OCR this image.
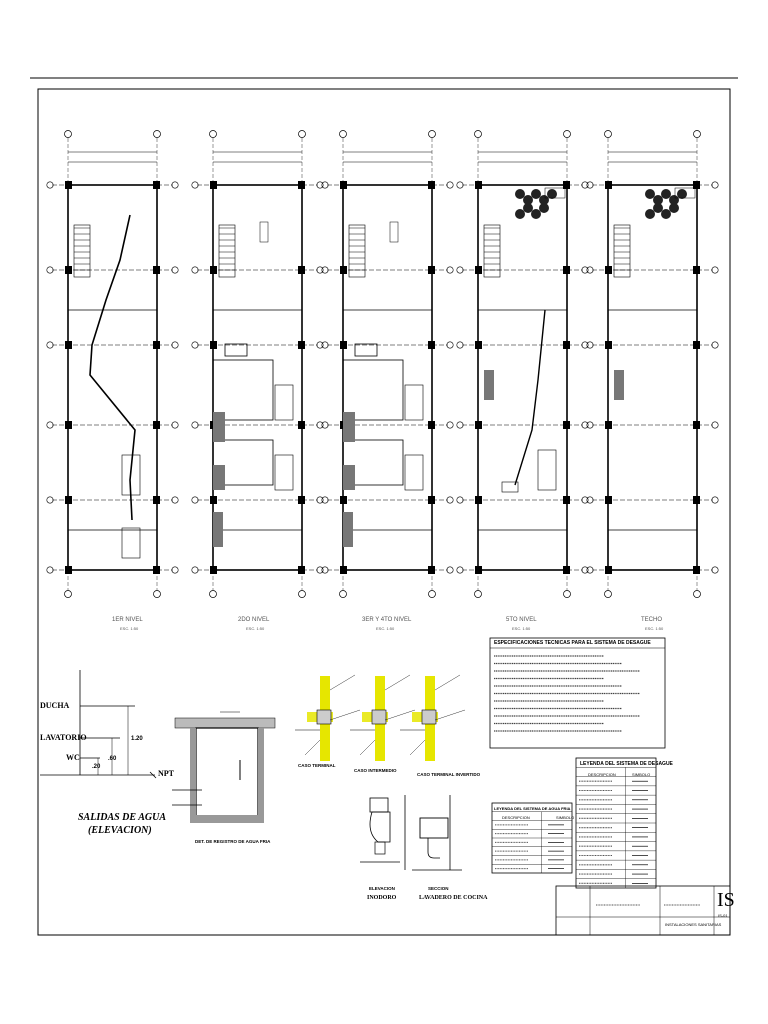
1ER NIVEL
ESC. 1:50
2DO NIVEL
ESC. 1:50
3ER Y 4TO NIVEL
ESC. 1:50
5TO NIVEL
ESC. 1:50
TECHO
ESC. 1:50
DUCHA
LAVATORIO
WC
NPT
1.20
.60
.20
SALIDAS DE AGUA
(ELEVACION)
DET. DE REGISTRO DE AGUA FRIA
CASO TERMINAL
CASO INTERMEDIO
CASO TERMINAL INVERTIDO
ELEVACION
INODORO
SECCION
LAVADERO DE COCINA
ESPECIFICACIONES TECNICAS PARA EL SISTEMA DE DESAGUE
LEYENDA DEL SISTEMA DE DESAGUE
DESCRIPCION	SIMBOLO
LEYENDA DEL SISTEMA DE AGUA FRIA
DESCRIPCION	SIMBOLO
IS
IS-01
INSTALACIONES SANITARIAS
